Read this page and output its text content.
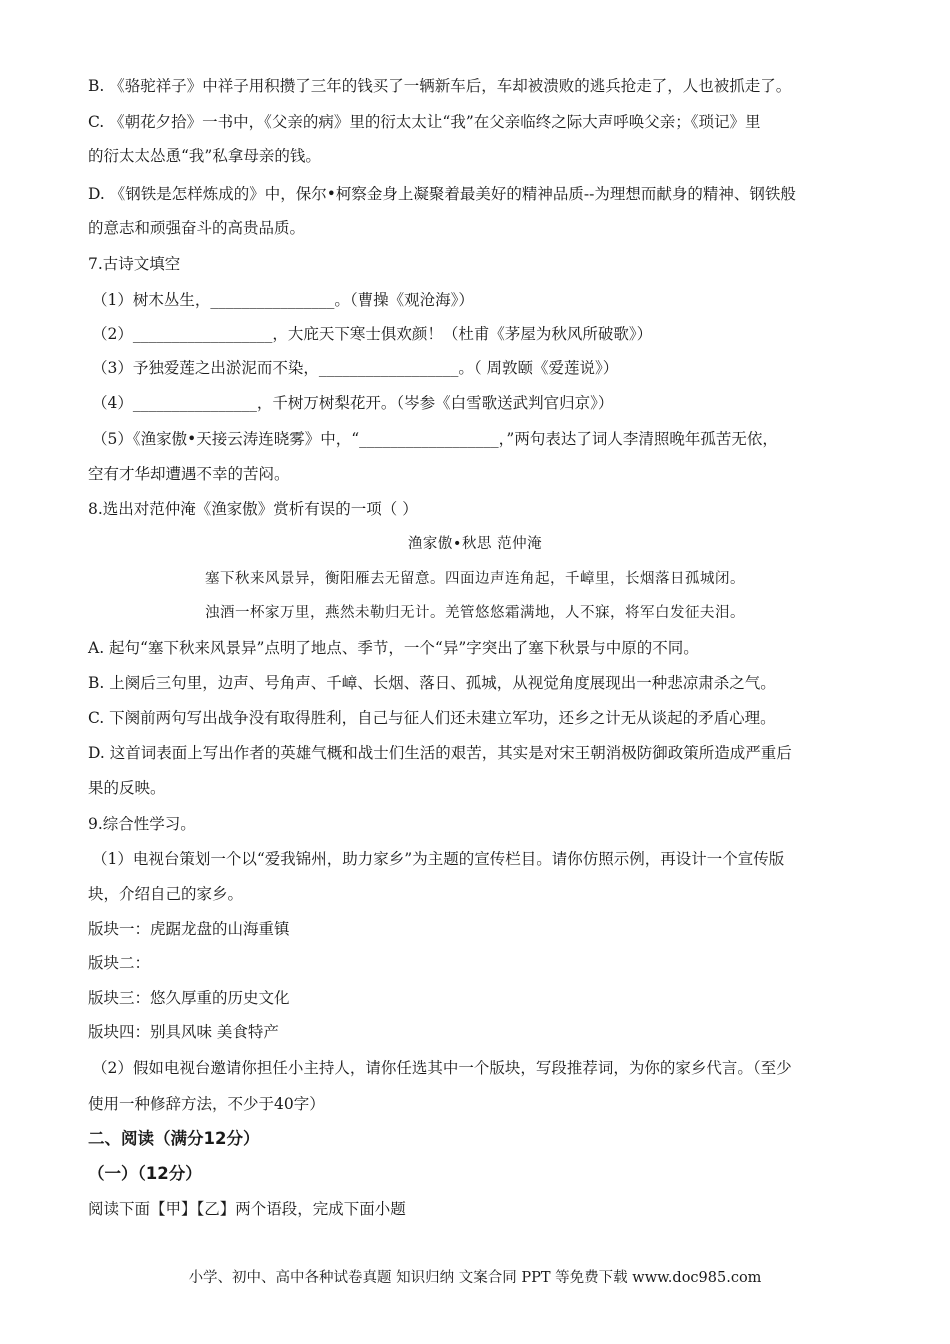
B. 《骆驼祥子》中祥子用积攒了三年的钱买了一辆新车后，车却被溃败的逃兵抢走了，人也被抓走了。
C. 《朝花夕拾》一书中，《父亲的病》里的衍太太让“我”在父亲临终之际大声呼唤父亲；《琐记》里
的衍太太怂恿“我”私拿母亲的钱。
D. 《钢铁是怎样炼成的》中，保尔•柯察金身上凝聚着最美好的精神品质--为理想而献身的精神、钢铁般
的意志和顽强奋斗的高贵品质。
7.古诗文填空
（1）树木丛生，________________。（曹操《观沧海》）
（2）__________________，大庇天下寒士俱欢颜！（杜甫《茅屋为秋风所破歌》）
（3）予独爱莲之出淤泥而不染，__________________。（ 周敦颐《爱莲说》）
（4）________________，千树万树梨花开。（岑参《白雪歌送武判官归京》）
（5）《渔家傲•天接云涛连晓雾》中，“__________________，”两句表达了词人李清照晚年孤苦无依，
空有才华却遭遇不幸的苦闷。
8.选出对范仲淹《渔家傲》赏析有误的一项（ ）
渔家傲•秋思 范仲淹
塞下秋来风景异，衡阳雁去无留意。四面边声连角起，千嶂里，长烟落日孤城闭。
浊酒一杯家万里，燕然未勒归无计。羌管悠悠霜满地，人不寐，将军白发征夫泪。
A. 起句“塞下秋来风景异”点明了地点、季节，一个“异”字突出了塞下秋景与中原的不同。
B. 上阕后三句里，边声、号角声、千嶂、长烟、落日、孤城，从视觉角度展现出一种悲凉肃杀之气。
C. 下阕前两句写出战争没有取得胜利，自己与征人们还未建立军功，还乡之计无从谈起的矛盾心理。
D. 这首词表面上写出作者的英雄气概和战士们生活的艰苦，其实是对宋王朝消极防御政策所造成严重后
果的反映。
9.综合性学习。
（1）电视台策划一个以“爱我锦州，助力家乡”为主题的宣传栏目。请你仿照示例，再设计一个宣传版
块，介绍自己的家乡。
版块一：虎踞龙盘的山海重镇
版块二：
版块三：悠久厚重的历史文化
版块四：别具风味 美食特产
（2）假如电视台邀请你担任小主持人，请你任选其中一个版块，写段推荐词，为你的家乡代言。（至少
使用一种修辞方法，不少于40字）
二、阅读（满分12分）
（一）（12分）
阅读下面【甲】【乙】两个语段，完成下面小题
小学、初中、高中各种试卷真题 知识归纳 文案合同 PPT 等免费下载 www.doc985.com
